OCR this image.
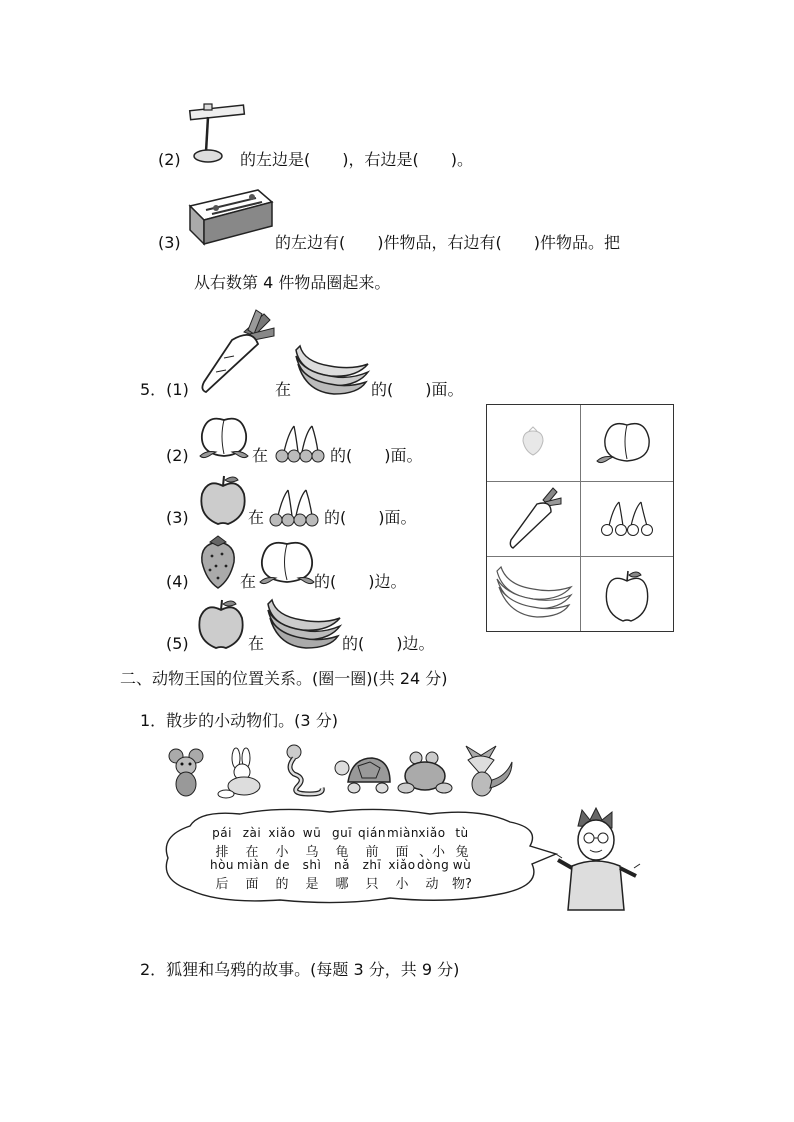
(2)	的左边是(　　)，右边是(　　)。
(3)	的左边有(　　)件物品，右边有(　　)件物品。把
从右数第 4 件物品圈起来。
5．(1)	在	的(　　)面。
(2)	在	的(　　)面。
(3)	在	的(　　)面。
(4)	在	的(　　)边。
(5)	在	的(　　)边。
二、动物王国的位置关系。(圈一圈)(共 24 分)
1．散步的小动物们。(3 分)
pái zài xiǎo wū guī qiánmiànxiǎo tù
排 在 小 乌 龟 前 面 、小 兔
hòu miàn de shì nǎ zhī xiǎodòng wù
后 面 的 是 哪 只 小 动 物?
2．狐狸和乌鸦的故事。(每题 3 分，共 9 分)
